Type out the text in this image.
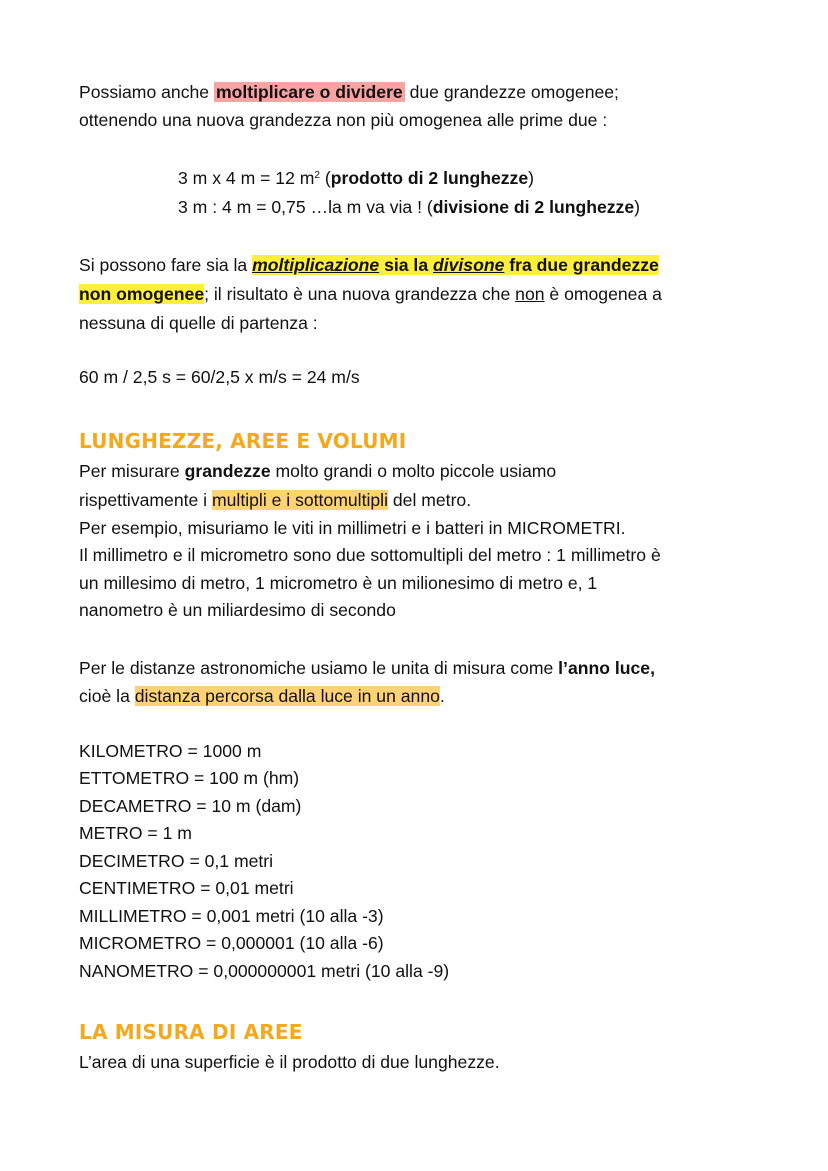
Possiamo anche moltiplicare o dividere due grandezze omogenee;

ottenendo una nuova grandezza non più omogenea alle prime due :

3 m x 4 m = 12 $m^2$ (prodotto di 2 lunghezze)

3 m : 4 m = 0,75 …la m va via ! (divisione di 2 lunghezze)

Si possono fare sia la moltiplicazione sia la divisone fra due grandezze

non omogenee; il risultato è una nuova grandezza che non è omogenea a

nessuna di quelle di partenza :

60 m / 2,5 s = 60/2,5 x m/s = 24 m/s

LUNGHEZZE, AREE E VOLUMI

Per misurare grandezze molto grandi o molto piccole usiamo

rispettivamente i multipli e i sottomultipli del metro.

Per esempio, misuriamo le viti in millimetri e i batteri in MICROMETRI.

Il millimetro e il micrometro sono due sottomultipli del metro : 1 millimetro è

un millesimo di metro, 1 micrometro è un milionesimo di metro e, 1

nanometro è un miliardesimo di secondo

Per le distanze astronomiche usiamo le unita di misura come l’anno luce,

cioè la distanza percorsa dalla luce in un anno.

KILOMETRO = 1000 m

ETTOMETRO = 100 m (hm)

DECAMETRO = 10 m (dam)

METRO = 1 m

DECIMETRO = 0,1 metri

CENTIMETRO = 0,01 metri

MILLIMETRO = 0,001 metri (10 alla -3)

MICROMETRO = 0,000001 (10 alla -6)

NANOMETRO = 0,000000001 metri (10 alla -9)

LA MISURA DI AREE

L’area di una superficie è il prodotto di due lunghezze.
